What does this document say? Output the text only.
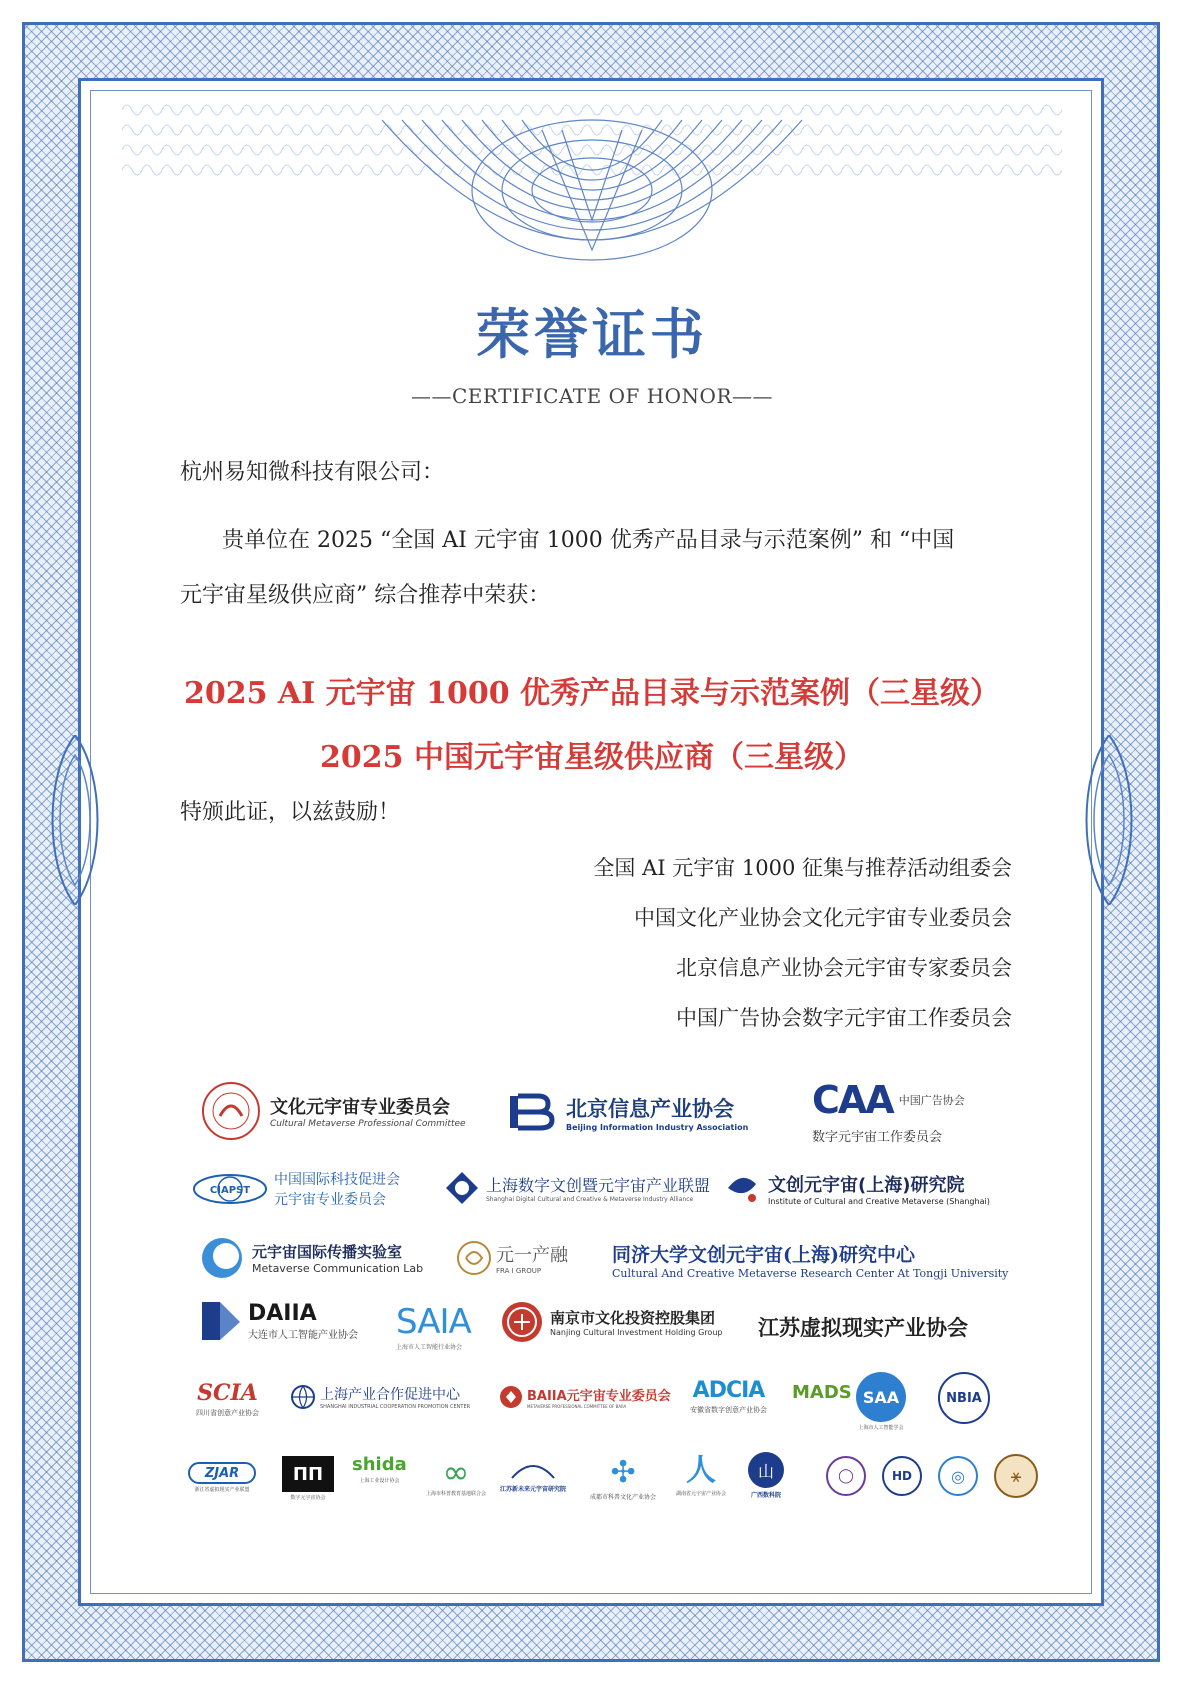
荣誉证书
——CERTIFICATE OF HONOR——
杭州易知微科技有限公司：
贵单位在 2025 “全国 AI 元宇宙 1000 优秀产品目录与示范案例” 和 “中国
元宇宙星级供应商” 综合推荐中荣获：
2025 AI 元宇宙 1000 优秀产品目录与示范案例（三星级）
2025 中国元宇宙星级供应商（三星级）
特颁此证，以兹鼓励！
全国 AI 元宇宙 1000 征集与推荐活动组委会
中国文化产业协会文化元宇宙专业委员会
北京信息产业协会元宇宙专家委员会
中国广告协会数字元宇宙工作委员会
文化元宇宙专业委员会
Cultural Metaverse Professional Committee
北京信息产业协会
Beijing Information Industry Association
CAA 中国广告协会
数字元宇宙工作委员会
CIAPST
中国国际科技促进会
元宇宙专业委员会
上海数字文创暨元宇宙产业联盟
Shanghai Digital Cultural and Creative & Metaverse Industry Alliance
文创元宇宙(上海)研究院
Institute of Cultural and Creative Metaverse (Shanghai)
元宇宙国际传播实验室
Metaverse Communication Lab
元一产融
FRA I GROUP
同济大学文创元宇宙(上海)研究中心
Cultural And Creative Metaverse Research Center At Tongji University
DAIIA
大连市人工智能产业协会 SAIA
上海市人工智能行业协会
南京市文化投资控股集团
Nanjing Cultural Investment Holding Group 江苏虚拟现实产业协会
SCIA
四川省创意产业协会
上海产业合作促进中心
SHANGHAI INDUSTRIAL COOPERATION PROMOTION CENTER
BAIIA元宇宙专业委员会
METAVERSE PROFESSIONAL COMMITTEE OF BAIIA
ADCIA
安徽省数字创意产业协会
MADS SAA
上海市人工智能学会
NBIA
ZJAR
浙江省虚拟现实产业联盟
ΠΠ
数字元宇宙协会
shida
上海工业设计协会 ∞
上海市科普教育基地联合会
江苏新未来元宇宙研究院 ✣
成都市科普文化产业协会
人
湖南省元宇宙产业协会
山
广西数科院
◯	HD ◎	⚹
